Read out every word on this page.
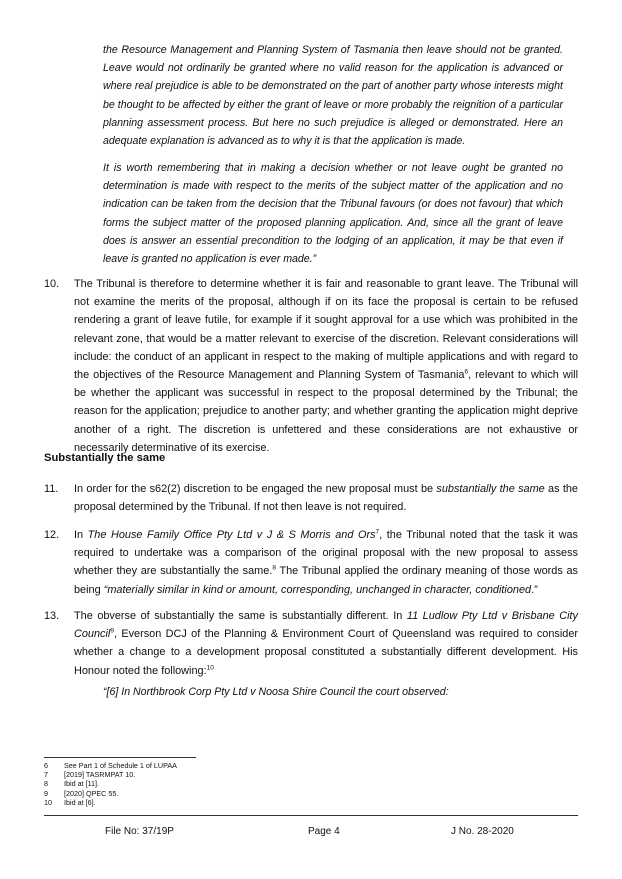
the Resource Management and Planning System of Tasmania then leave should not be granted. Leave would not ordinarily be granted where no valid reason for the application is advanced or where real prejudice is able to be demonstrated on the part of another party whose interests might be thought to be affected by either the grant of leave or more probably the reignition of a particular planning assessment process. But here no such prejudice is alleged or demonstrated. Here an adequate explanation is advanced as to why it is that the application is made.
It is worth remembering that in making a decision whether or not leave ought be granted no determination is made with respect to the merits of the subject matter of the application and no indication can be taken from the decision that the Tribunal favours (or does not favour) that which forms the subject matter of the proposed planning application. And, since all the grant of leave does is answer an essential precondition to the lodging of an application, it may be that even if leave is granted no application is ever made.”
10. The Tribunal is therefore to determine whether it is fair and reasonable to grant leave. The Tribunal will not examine the merits of the proposal, although if on its face the proposal is certain to be refused rendering a grant of leave futile, for example if it sought approval for a use which was prohibited in the relevant zone, that would be a matter relevant to exercise of the discretion. Relevant considerations will include: the conduct of an applicant in respect to the making of multiple applications and with regard to the objectives of the Resource Management and Planning System of Tasmania$^6$, relevant to which will be whether the applicant was successful in respect to the proposal determined by the Tribunal; the reason for the application; prejudice to another party; and whether granting the application might deprive another of a right. The discretion is unfettered and these considerations are not exhaustive or necessarily determinative of its exercise.
Substantially the same
11. In order for the s62(2) discretion to be engaged the new proposal must be substantially the same as the proposal determined by the Tribunal. If not then leave is not required.
12. In The House Family Office Pty Ltd v J & S Morris and Ors$^7$, the Tribunal noted that the task it was required to undertake was a comparison of the original proposal with the new proposal to assess whether they are substantially the same.$^8$ The Tribunal applied the ordinary meaning of those words as being “materially similar in kind or amount, corresponding, unchanged in character, conditioned.”
13. The obverse of substantially the same is substantially different. In 11 Ludlow Pty Ltd v Brisbane City Council$^9$, Everson DCJ of the Planning & Environment Court of Queensland was required to consider whether a change to a development proposal constituted a substantially different development. His Honour noted the following:$^{10}$
“[6] In Northbrook Corp Pty Ltd v Noosa Shire Council the court observed:
6	See Part 1 of Schedule 1 of LUPAA
7	[2019] TASRMPAT 10.
8	Ibid at [11].
9	[2020] QPEC 55.
10	Ibid at [6].
File No: 37/19P	Page 4	J No. 28-2020
